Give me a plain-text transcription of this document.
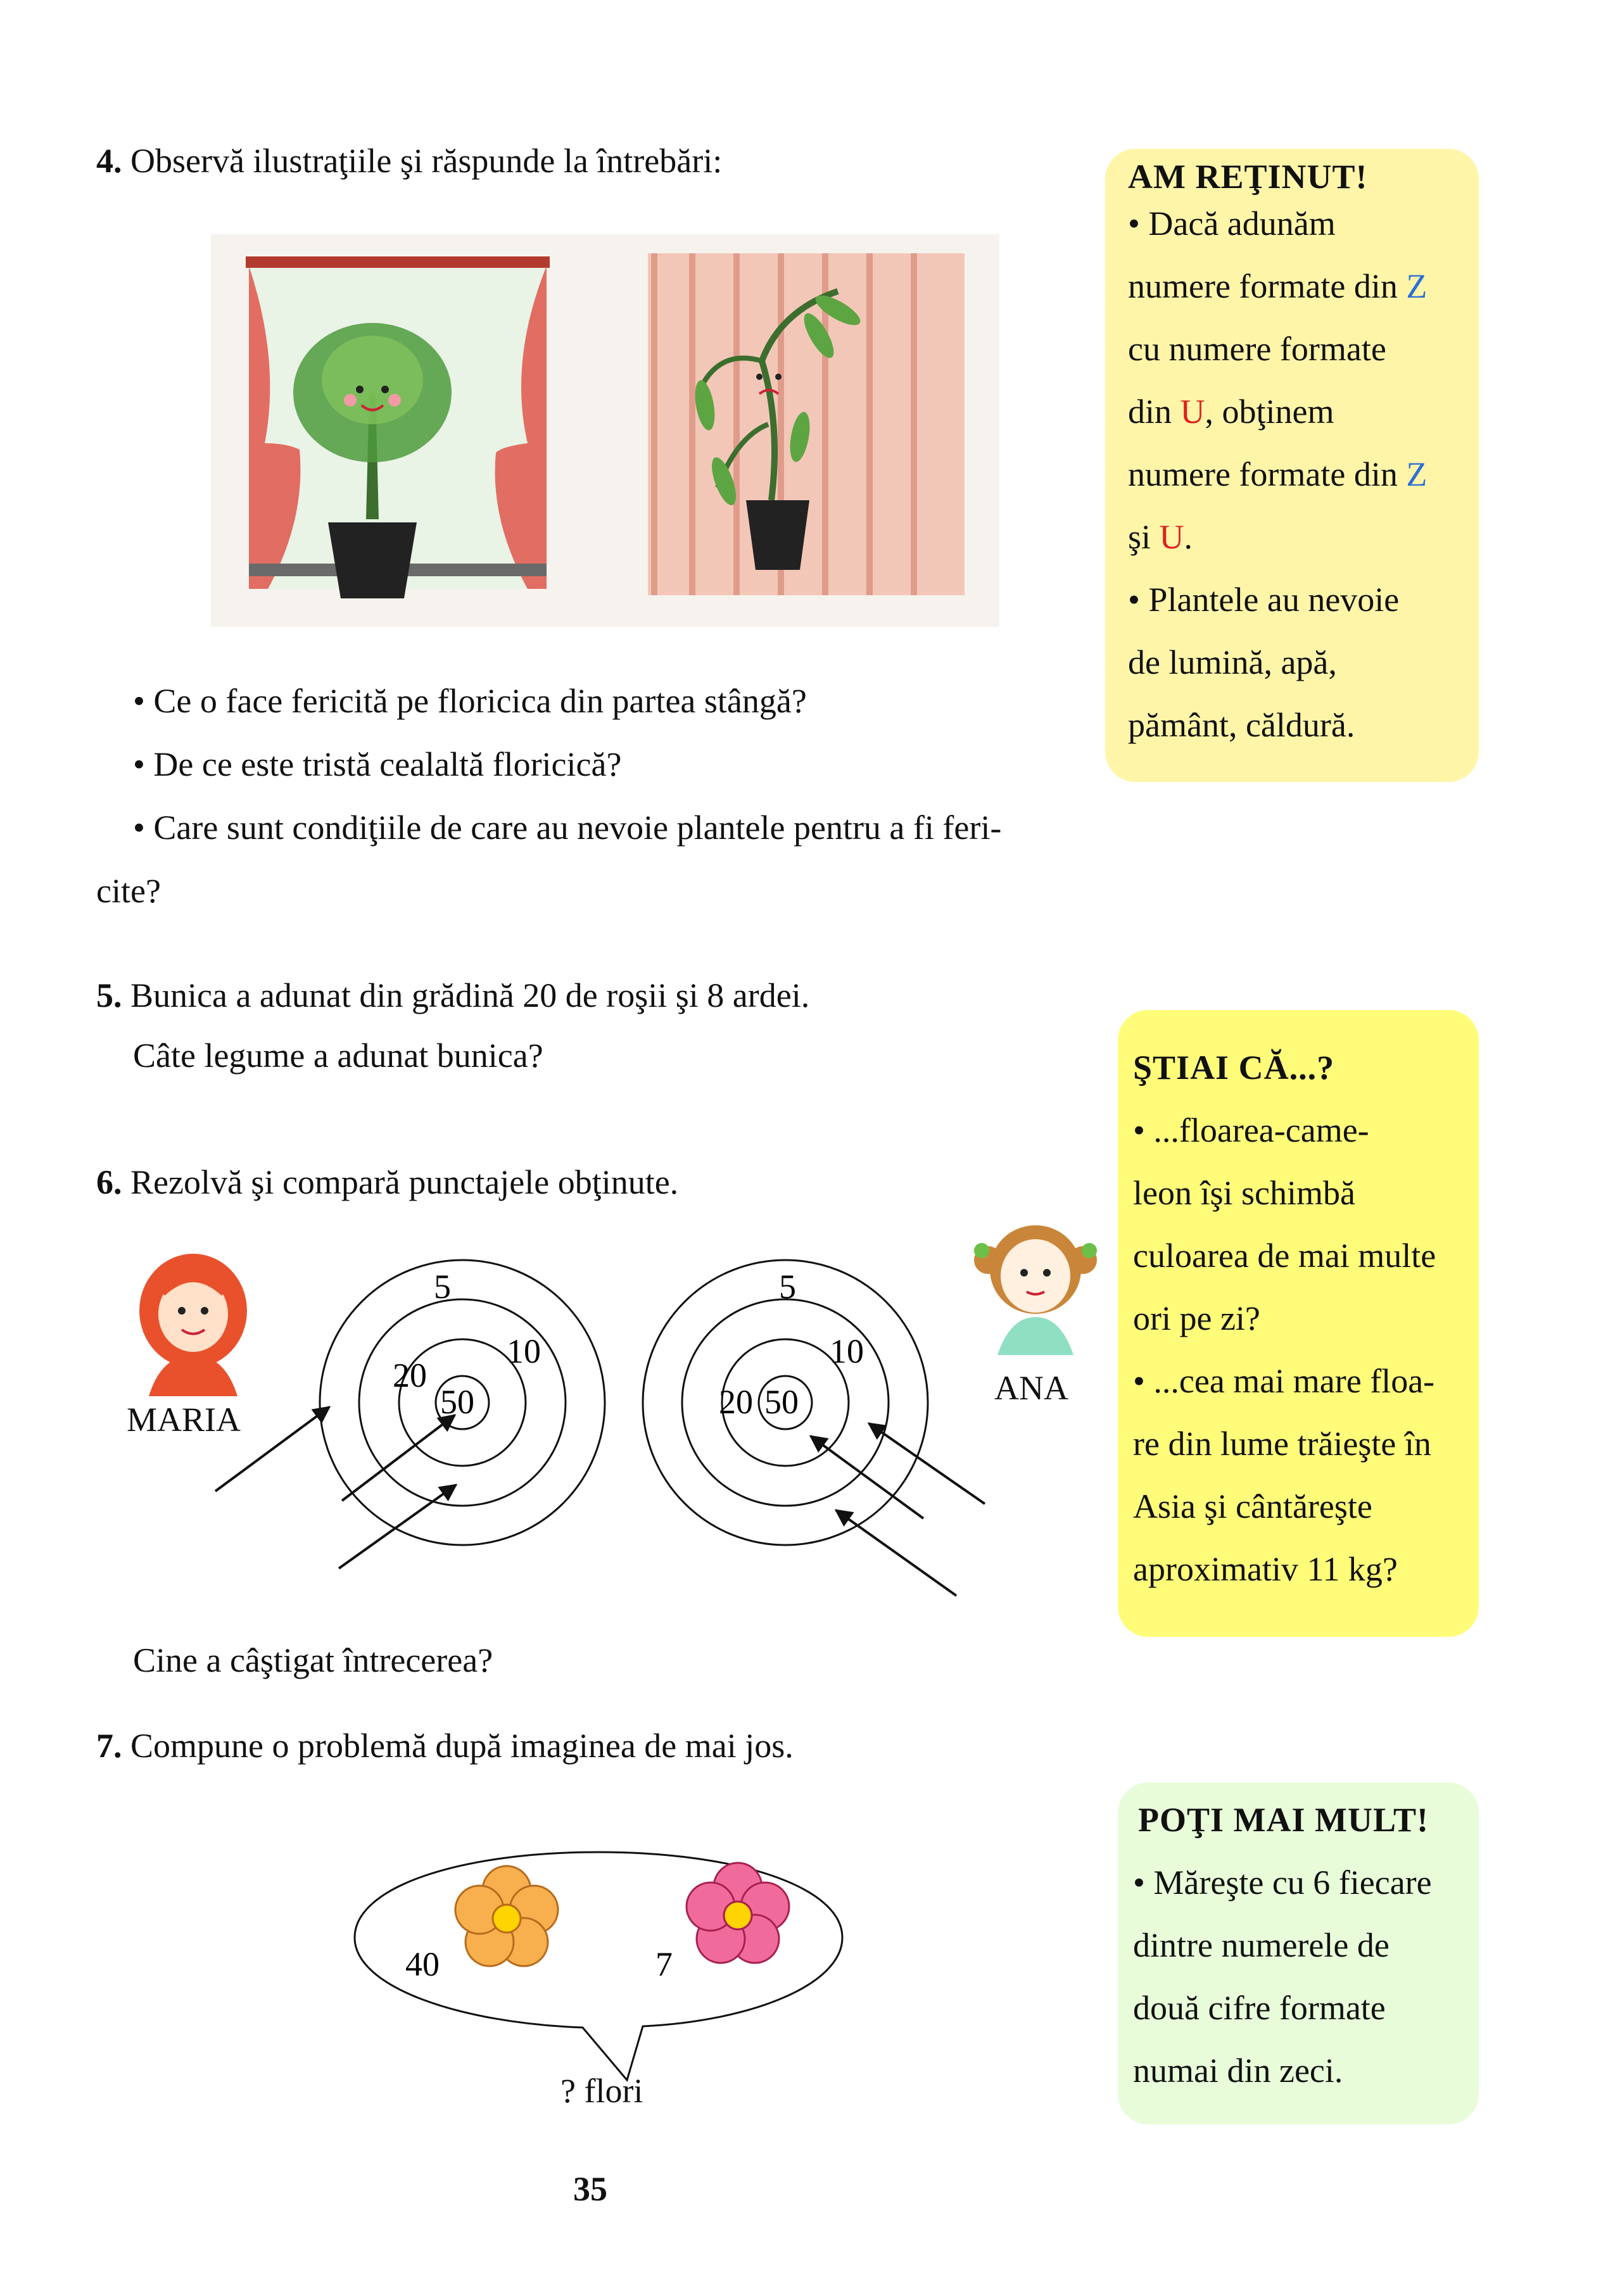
4. Observă ilustraţiile şi răspunde la întrebări:
• Ce o face fericită pe floricica din partea stângă?
• De ce este tristă cealaltă floricică?
• Care sunt condiţiile de care au nevoie plantele pentru a fi feri-
cite?
5. Bunica a adunat din grădină 20 de roşii şi 8 ardei.
Câte legume a adunat bunica?
6. Rezolvă şi compară punctajele obţinute.
MARIA
5
10
20
50
5
10
20 50	ANA
Cine a câştigat întrecerea?
7. Compune o problemă după imaginea de mai jos.
40	7
? flori
35

AM REŢINUT!

• Dacă adunăm

numere formate din Z

cu numere formate

din U, obţinem

numere formate din Z

şi U.

• Plantele au nevoie

de lumină, apă,

pământ, căldură.

ŞTIAI CĂ...?

• ...floarea-came-

leon îşi schimbă

culoarea de mai multe

ori pe zi?

• ...cea mai mare floa-

re din lume trăieşte în

Asia şi cântăreşte

aproximativ 11 kg?

POŢI MAI MULT!

• Măreşte cu 6 fiecare

dintre numerele de

două cifre formate

numai din zeci.
